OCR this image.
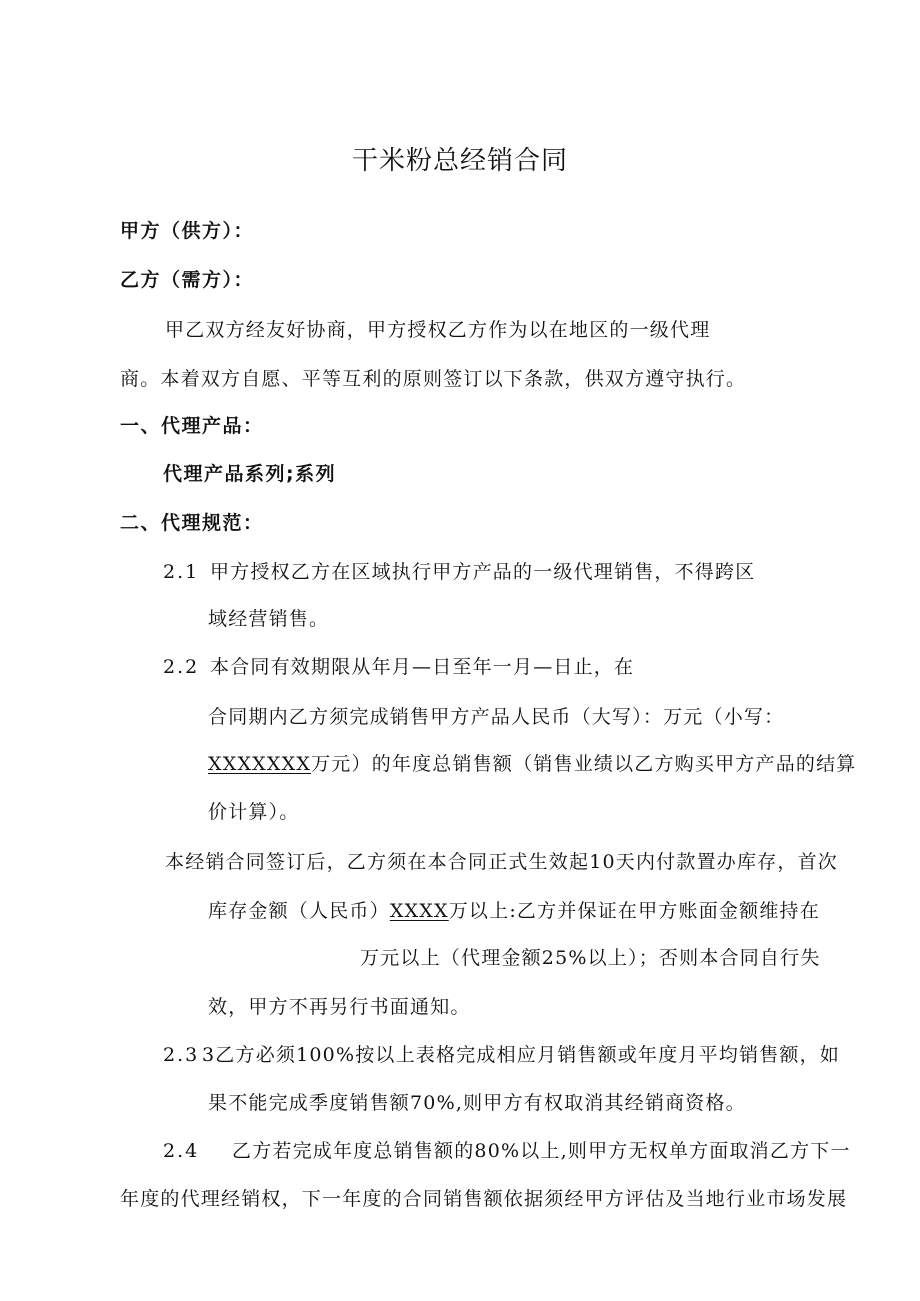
干米粉总经销合同
甲方（供方）：
乙方（需方）：
甲乙双方经友好协商，甲方授权乙方作为以在地区的一级代理
商。本着双方自愿、平等互利的原则签订以下条款，供双方遵守执行。
一、代理产品：
代理产品系列;系列
二、代理规范：
2.1 甲方授权乙方在区域执行甲方产品的一级代理销售，不得跨区
域经营销售。
2.2 本合同有效期限从年月—日至年一月—日止，在
合同期内乙方须完成销售甲方产品人民币（大写）：万元（小写：
XXXXXXX万元）的年度总销售额（销售业绩以乙方购买甲方产品的结算
价计算）。
本经销合同签订后，乙方须在本合同正式生效起10天内付款置办库存，首次
库存金额（人民币）XXXX万以上:乙方并保证在甲方账面金额维持在
万元以上（代理金额25%以上）；否则本合同自行失
效，甲方不再另行书面通知。
2.3 3乙方必须100%按以上表格完成相应月销售额或年度月平均销售额，如
果不能完成季度销售额70%,则甲方有权取消其经销商资格。
2.4 乙方若完成年度总销售额的80%以上,则甲方无权单方面取消乙方下一
年度的代理经销权，下一年度的合同销售额依据须经甲方评估及当地行业市场发展
